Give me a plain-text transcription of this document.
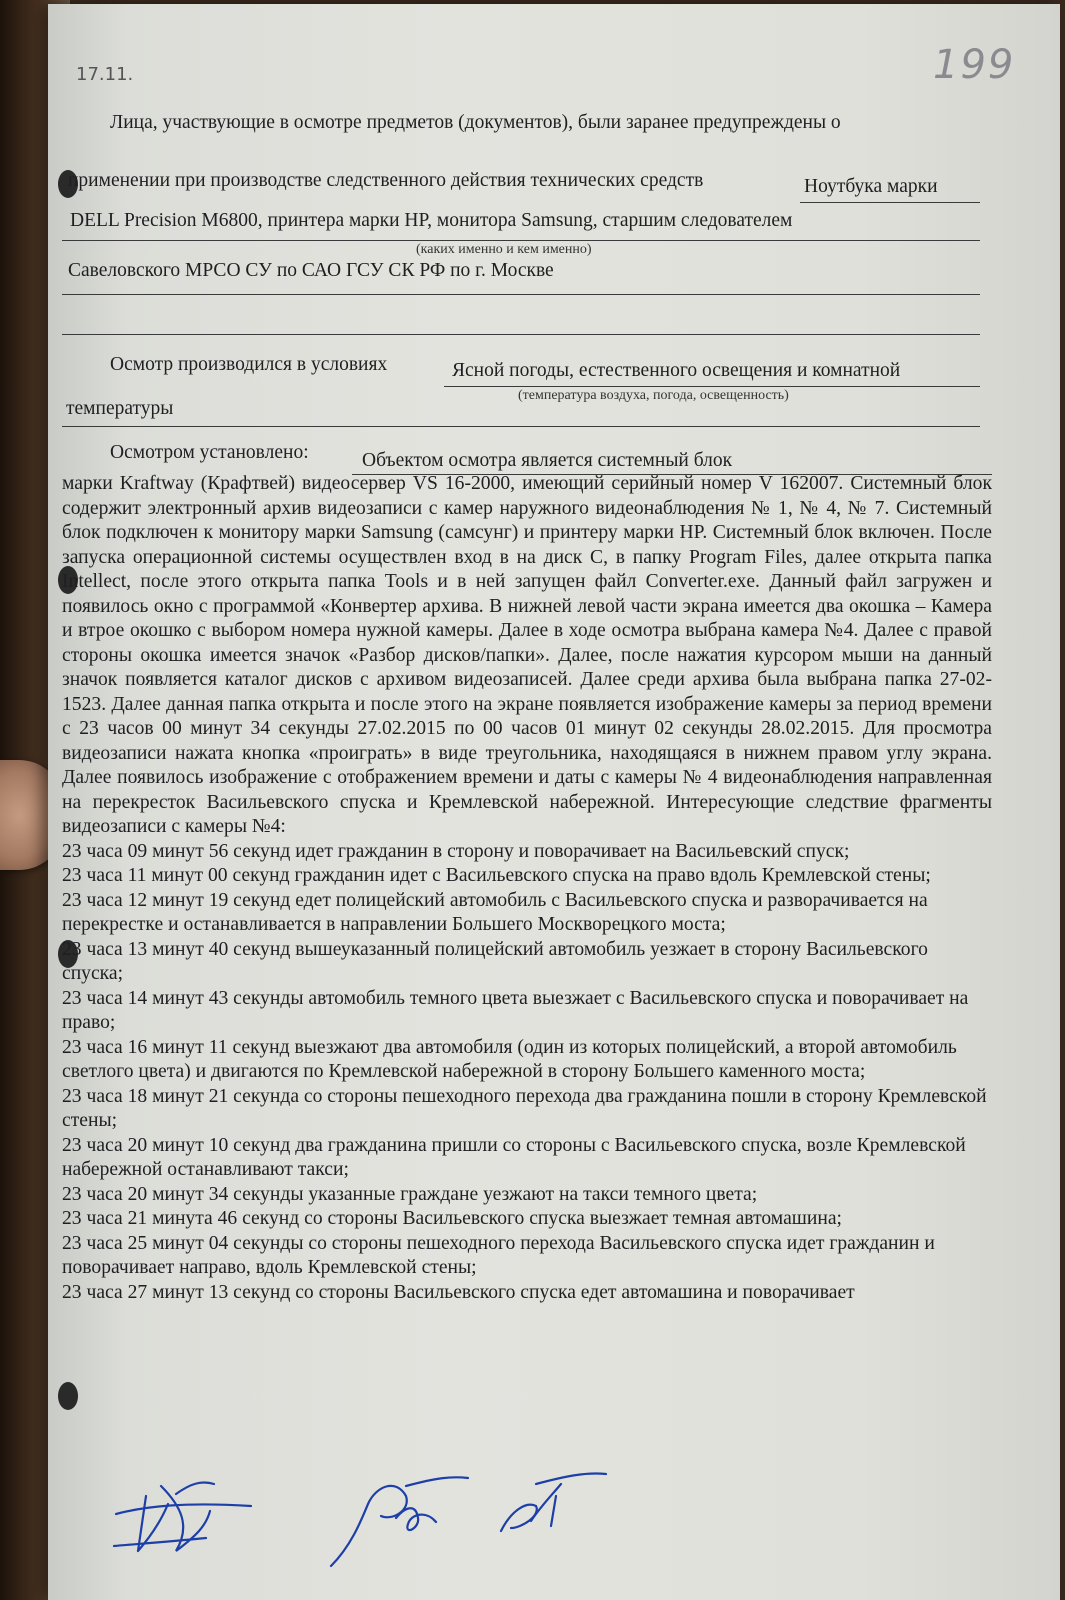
17.11.	199
Лица, участвующие в осмотре предметов (документов), были заранее предупреждены о
применении при производстве следственного действия технических средств	Ноутбука марки
DELL Precision M6800, принтера марки HP, монитора Samsung, старшим следователем
(каких именно и кем именно)
Савеловского МРСО СУ по САО ГСУ СК РФ по г. Москве
Осмотр производился в условиях	Ясной погоды, естественного освещения и комнатной
(температура воздуха, погода, освещенность)
температуры
Осмотром установлено:	Объектом осмотра является системный блок

марки Kraftway (Крафтвей) видеосервер VS 16-2000, имеющий серийный номер V 162007. Системный блок содержит электронный архив видеозаписи с камер наружного видеонаблюдения № 1, № 4, № 7. Системный блок подключен к монитору марки Samsung (самсунг) и принтеру марки HP. Системный блок включен. После запуска операционной системы осуществлен вход в на диск С, в папку Program Files, далее открыта папка Intellect, после этого открыта папка Tools и в ней запущен файл Converter.exe. Данный файл загружен и появилось окно с программой «Конвертер архива. В нижней левой части экрана имеется два окошка – Камера и втрое окошко с выбором номера нужной камеры. Далее в ходе осмотра выбрана камера №4. Далее с правой стороны окошка имеется значок «Разбор дисков/папки». Далее, после нажатия курсором мыши на данный значок появляется каталог дисков с архивом видеозаписей. Далее среди архива была выбрана папка 27-02-1523. Далее данная папка открыта и после этого на экране появляется изображение камеры за период времени с 23 часов 00 минут 34 секунды 27.02.2015 по 00 часов 01 минут 02 секунды 28.02.2015. Для просмотра видеозаписи нажата кнопка «проиграть» в виде треугольника, находящаяся в нижнем правом углу экрана. Далее появилось изображение с отображением времени и даты с камеры № 4 видеонаблюдения направленная на перекресток Васильевского спуска и Кремлевской набережной. Интересующие следствие фрагменты видеозаписи с камеры №4:

23 часа 09 минут 56 секунд идет гражданин в сторону и поворачивает на Васильевский спуск;

23 часа 11 минут 00 секунд гражданин идет с Васильевского спуска на право вдоль Кремлевской стены;

23 часа 12 минут 19 секунд едет полицейский автомобиль с Васильевского спуска и разворачивается на перекрестке и останавливается в направлении Большего Москворецкого моста;

23 часа 13 минут 40 секунд вышеуказанный полицейский автомобиль уезжает в сторону Васильевского спуска;

23 часа 14 минут 43 секунды автомобиль темного цвета выезжает с Васильевского спуска и поворачивает на право;

23 часа 16 минут 11 секунд выезжают два автомобиля (один из которых полицейский, а второй автомобиль светлого цвета) и двигаются по Кремлевской набережной в сторону Большего каменного моста;

23 часа 18 минут 21 секунда со стороны пешеходного перехода два гражданина пошли в сторону Кремлевской стены;

23 часа 20 минут 10 секунд два гражданина пришли со стороны с Васильевского спуска, возле Кремлевской набережной останавливают такси;

23 часа 20 минут 34 секунды указанные граждане уезжают на такси темного цвета;

23 часа 21 минута 46 секунд со стороны Васильевского спуска выезжает темная автомашина;

23 часа 25 минут 04 секунды со стороны пешеходного перехода Васильевского спуска идет гражданин и поворачивает направо, вдоль Кремлевской стены;

23 часа 27 минут 13 секунд со стороны Васильевского спуска едет автомашина и поворачивает
